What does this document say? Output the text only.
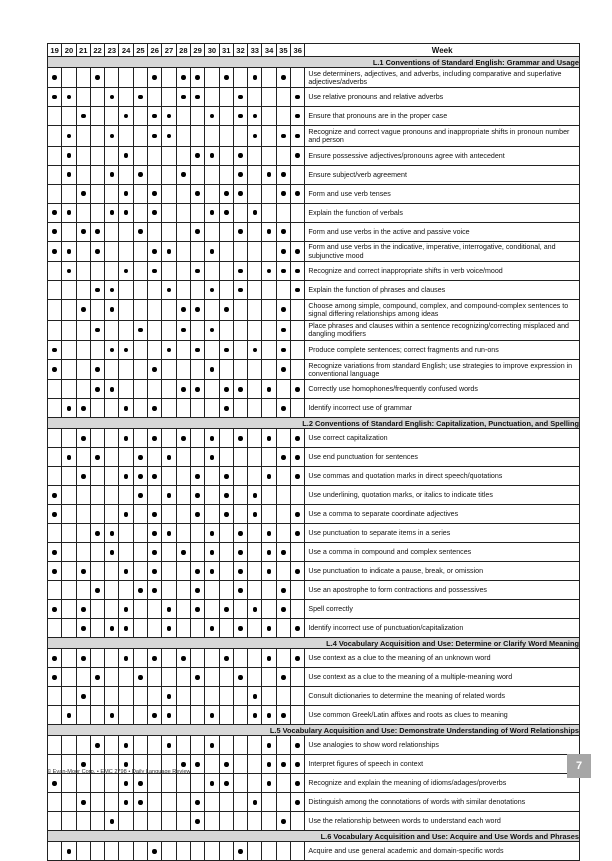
19	20	21	22	23	24	25	26	27	28	29	30	31	32	33	34	35	36	Week
L.1 Conventions of Standard English: Grammar and Usage																		
																		Use determiners, adjectives, and adverbs, including comparative and superlative adjectives/adverbs
																		Use relative pronouns and relative adverbs
																		Ensure that pronouns are in the proper case
																		Recognize and correct vague pronouns and inappropriate shifts in pronoun number and person
																		Ensure possessive adjectives/pronouns agree with antecedent
																		Ensure subject/verb agreement
																		Form and use verb tenses
																		Explain the function of verbals
																		Form and use verbs in the active and passive voice
																		Form and use verbs in the indicative, imperative, interrogative, conditional, and subjunctive mood
																		Recognize and correct inappropriate shifts in verb voice/mood
																		Explain the function of phrases and clauses
																		Choose among simple, compound, complex, and compound-complex sentences to signal differing relationships among ideas
																		Place phrases and clauses within a sentence recognizing/correcting misplaced and dangling modifiers
																		Produce complete sentences; correct fragments and run-ons
																		Recognize variations from standard English; use strategies to improve expression in conventional language
																		Correctly use homophones/frequently confused words
																		Identify incorrect use of grammar
L.2 Conventions of Standard English: Capitalization, Punctuation, and Spelling																		
																		Use correct capitalization
																		Use end punctuation for sentences
																		Use commas and quotation marks in direct speech/quotations
																		Use underlining, quotation marks, or italics to indicate titles
																		Use a comma to separate coordinate adjectives
																		Use punctuation to separate items in a series
																		Use a comma in compound and complex sentences
																		Use punctuation to indicate a pause, break, or omission
																		Use an apostrophe to form contractions and possessives
																		Spell correctly
																		Identify incorrect use of punctuation/capitalization
L.4 Vocabulary Acquisition and Use: Determine or Clarify Word Meaning																		
																		Use context as a clue to the meaning of an unknown word
																		Use context as a clue to the meaning of a multiple-meaning word
																		Consult dictionaries to determine the meaning of related words
																		Use common Greek/Latin affixes and roots as clues to meaning
L.5 Vocabulary Acquisition and Use: Demonstrate Understanding of Word Relationships																		
																		Use analogies to show word relationships
																		Interpret figures of speech in context
																		Recognize and explain the meaning of idioms/adages/proverbs
																		Distinguish among the connotations of words with similar denotations
																		Use the relationship between words to understand each word
L.6 Vocabulary Acquisition and Use: Acquire and Use Words and Phrases																		
																		Acquire and use general academic and domain-specific words
© Evan-Moor Corp. • EMC 2798 • Daily Language Review	7
